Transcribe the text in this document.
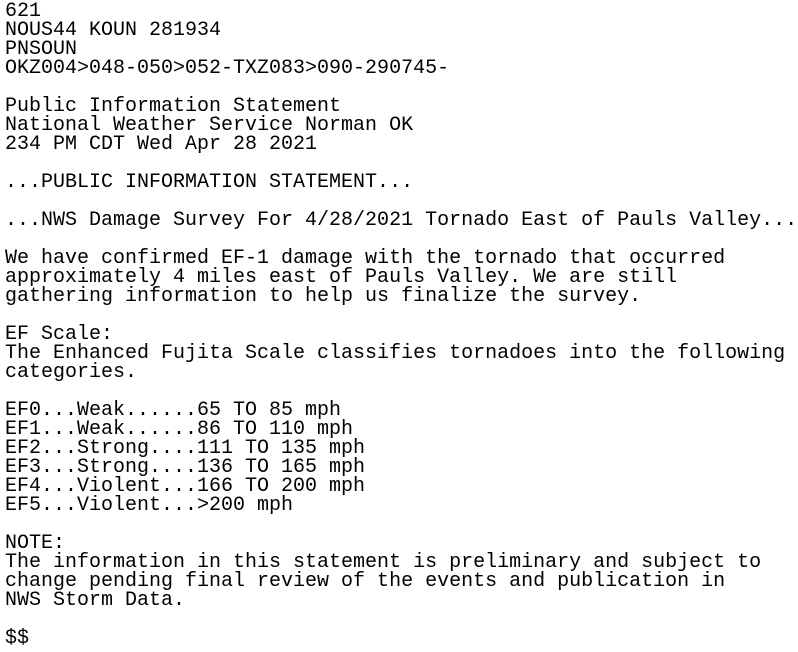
621
NOUS44 KOUN 281934
PNSOUN
OKZ004>048-050>052-TXZ083>090-290745-
Public Information Statement
National Weather Service Norman OK
234 PM CDT Wed Apr 28 2021
...PUBLIC INFORMATION STATEMENT...
...NWS Damage Survey For 4/28/2021 Tornado East of Pauls Valley...
We have confirmed EF-1 damage with the tornado that occurred
approximately 4 miles east of Pauls Valley. We are still
gathering information to help us finalize the survey.
EF Scale:
The Enhanced Fujita Scale classifies tornadoes into the following
categories.
EF0...Weak......65 TO 85 mph
EF1...Weak......86 TO 110 mph
EF2...Strong....111 TO 135 mph
EF3...Strong....136 TO 165 mph
EF4...Violent...166 TO 200 mph
EF5...Violent...>200 mph
NOTE:
The information in this statement is preliminary and subject to
change pending final review of the events and publication in
NWS Storm Data.
$$
